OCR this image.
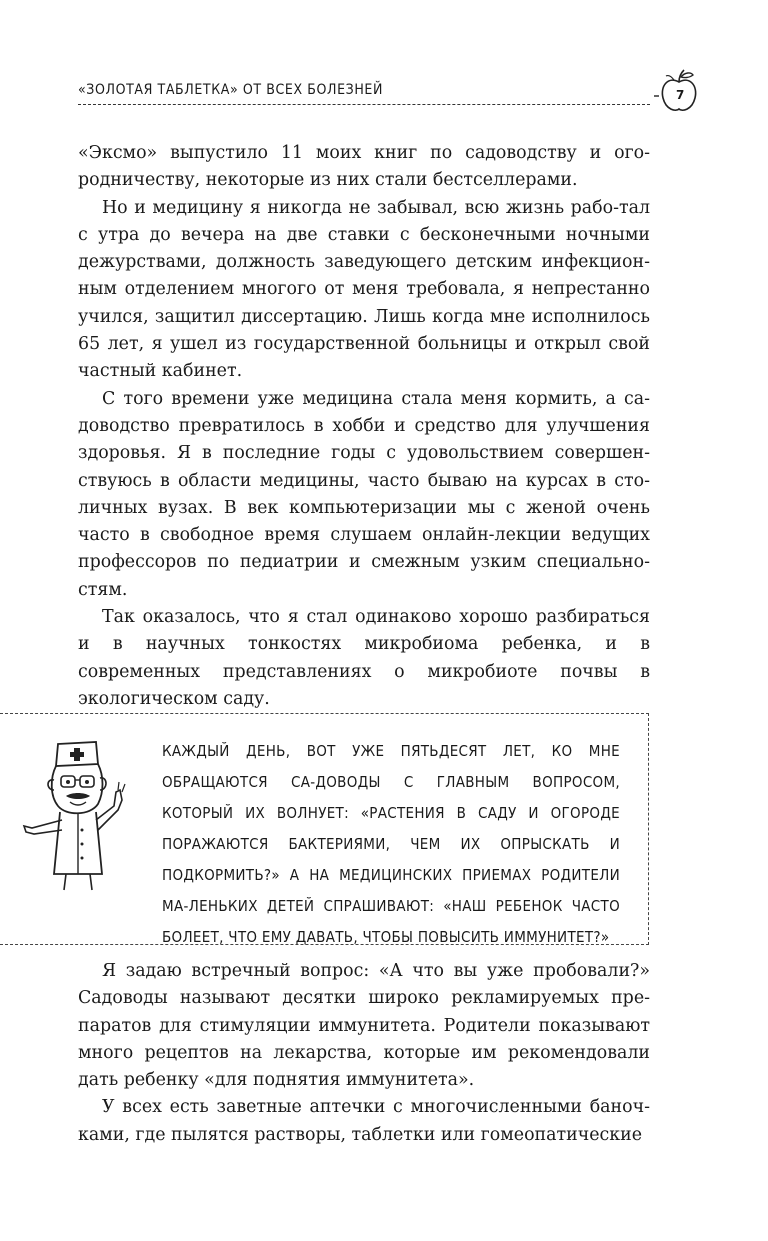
«ЗОЛОТАЯ ТАБЛЕТКА» ОТ ВСЕХ БОЛЕЗНЕЙ	7

«Эксмо» выпустило 11 моих книг по садоводству и ого-родничеству, некоторые из них стали бестселлерами.

Но и медицину я никогда не забывал, всю жизнь рабо-тал с утра до вечера на две ставки с бесконечными ночными дежурствами, должность заведующего детским инфекцион-ным отделением многого от меня требовала, я непрестанно учился, защитил диссертацию. Лишь когда мне исполнилось 65 лет, я ушел из государственной больницы и открыл свой частный кабинет.

С того времени уже медицина стала меня кормить, а са-доводство превратилось в хобби и средство для улучшения здоровья. Я в последние годы с удовольствием совершен-ствуюсь в области медицины, часто бываю на курсах в сто-личных вузах. В век компьютеризации мы с женой очень часто в свободное время слушаем онлайн-лекции ведущих профессоров по педиатрии и смежным узким специально-стям.

Так оказалось, что я стал одинаково хорошо разбираться и в научных тонкостях микробиома ребенка, и в современных представлениях о микробиоте почвы в экологическом саду.

КАЖДЫЙ ДЕНЬ, ВОТ УЖЕ ПЯТЬДЕСЯТ ЛЕТ, КО МНЕ ОБРАЩАЮТСЯ СА-ДОВОДЫ С ГЛАВНЫМ ВОПРОСОМ, КОТОРЫЙ ИХ ВОЛНУЕТ: «РАСТЕНИЯ В САДУ И ОГОРОДЕ ПОРАЖАЮТСЯ БАКТЕРИЯМИ, ЧЕМ ИХ ОПРЫСКАТЬ И ПОДКОРМИТЬ?» А НА МЕДИЦИНСКИХ ПРИЕМАХ РОДИТЕЛИ МА-ЛЕНЬКИХ ДЕТЕЙ СПРАШИВАЮТ: «НАШ РЕБЕНОК ЧАСТО БОЛЕЕТ, ЧТО ЕМУ ДАВАТЬ, ЧТОБЫ ПОВЫСИТЬ ИММУНИТЕТ?»

Я задаю встречный вопрос: «А что вы уже пробовали?» Садоводы называют десятки широко рекламируемых пре-паратов для стимуляции иммунитета. Родители показывают много рецептов на лекарства, которые им рекомендовали дать ребенку «для поднятия иммунитета».

У всех есть заветные аптечки с многочисленными баноч-ками, где пылятся растворы, таблетки или гомеопатические
